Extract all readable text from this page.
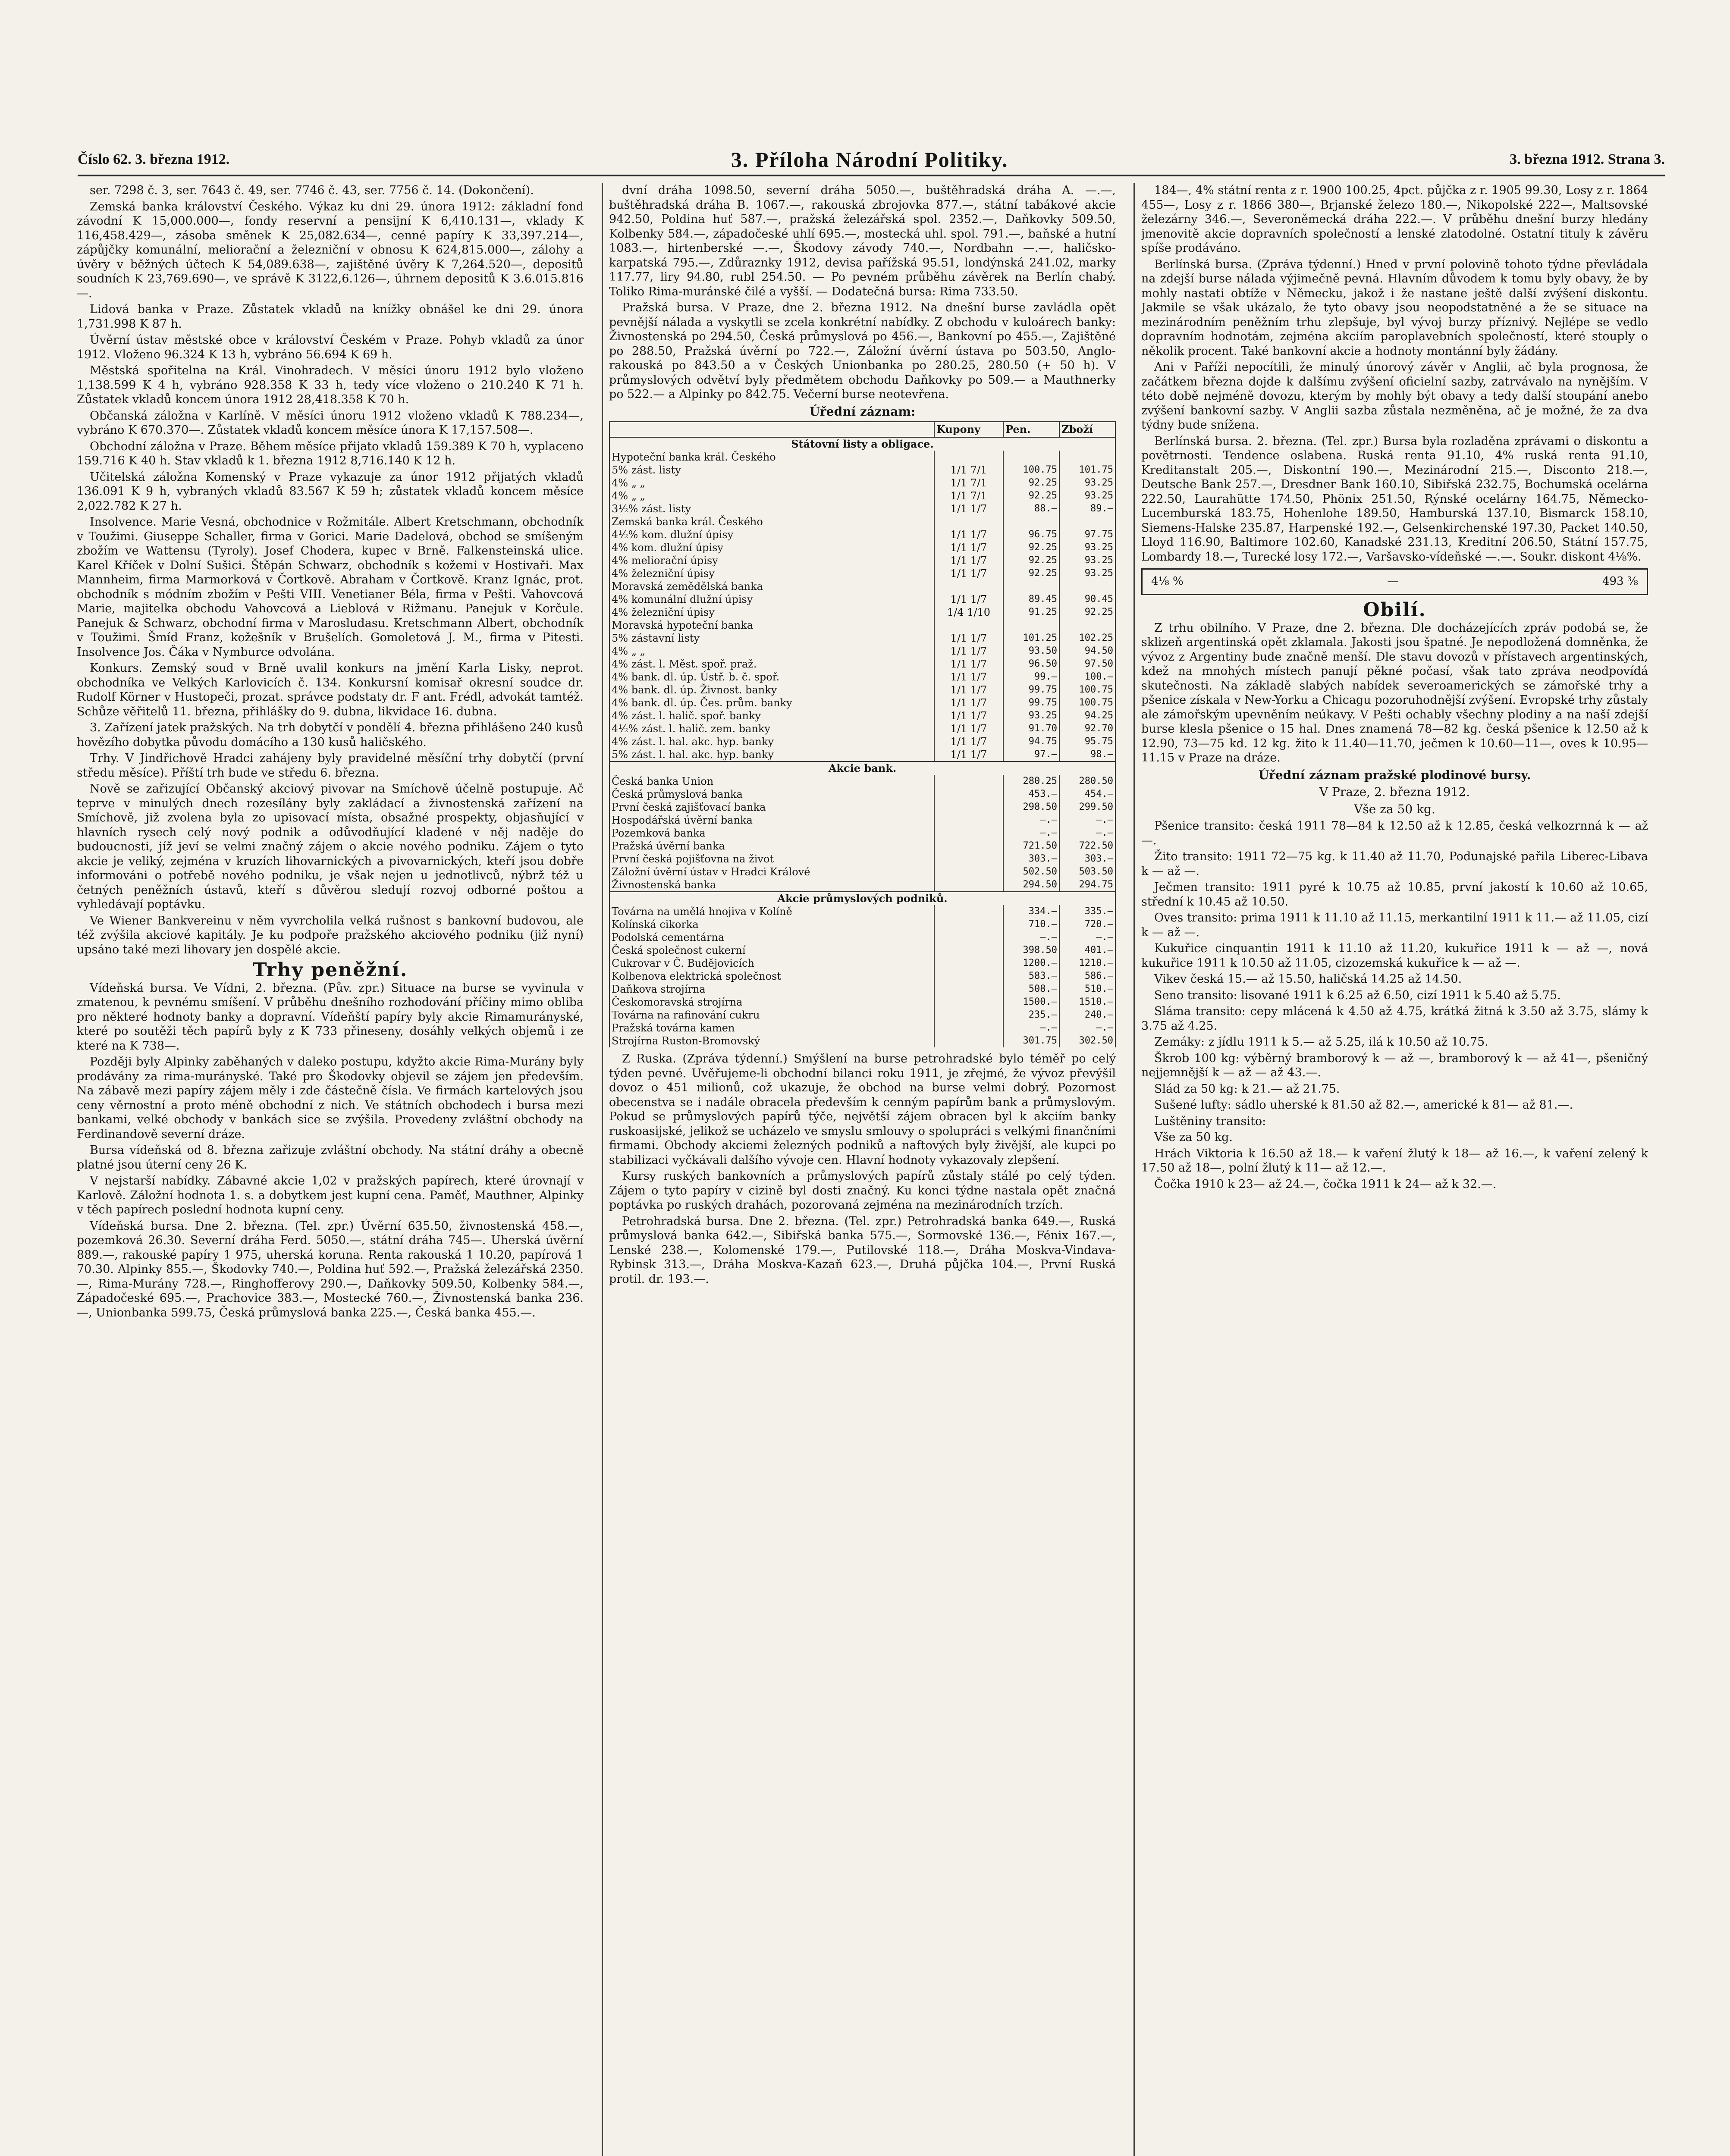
Číslo 62. 3. března 1912.	3. Příloha Národní Politiky.	3. března 1912. Strana 3.

ser. 7298 č. 3, ser. 7643 č. 49, ser. 7746 č. 43, ser. 7756 č. 14. (Dokončení).

Zemská banka království Českého. Výkaz ku dni 29. února 1912: základní fond závodní K 15,000.000—, fondy reservní a pensijní K 6,410.131—, vklady K 116,458.429—, zásoba směnek K 25,082.634—, cenné papíry K 33,397.214—, zápůjčky komunální, meliorační a železniční v obnosu K 624,815.000—, zálohy a úvěry v běžných účtech K 54,089.638—, zajištěné úvěry K 7,264.520—, depositů soudních K 23,769.690—, ve správě K 3122,6.126—, úhrnem depositů K 3.6.015.816—.

Lidová banka v Praze. Zůstatek vkladů na knížky obnášel ke dni 29. února 1,731.998 K 87 h.

Úvěrní ústav městské obce v království Českém v Praze. Pohyb vkladů za únor 1912. Vloženo 96.324 K 13 h, vybráno 56.694 K 69 h.

Městská spořitelna na Král. Vinohradech. V měsíci únoru 1912 bylo vloženo 1,138.599 K 4 h, vybráno 928.358 K 33 h, tedy více vloženo o 210.240 K 71 h. Zůstatek vkladů koncem února 1912 28,418.358 K 70 h.

Občanská záložna v Karlíně. V měsíci únoru 1912 vloženo vkladů K 788.234—, vybráno K 670.370—. Zůstatek vkladů koncem měsíce února K 17,157.508—.

Obchodní záložna v Praze. Během měsíce přijato vkladů 159.389 K 70 h, vyplaceno 159.716 K 40 h. Stav vkladů k 1. března 1912 8,716.140 K 12 h.

Učitelská záložna Komenský v Praze vykazuje za únor 1912 přijatých vkladů 136.091 K 9 h, vybraných vkladů 83.567 K 59 h; zůstatek vkladů koncem měsíce 2,022.782 K 27 h.

Insolvence. Marie Vesná, obchodnice v Rožmitále. Albert Kretschmann, obchodník v Toužimi. Giuseppe Schaller, firma v Gorici. Marie Dadelová, obchod se smíšeným zbožím ve Wattensu (Tyroly). Josef Chodera, kupec v Brně. Falkensteinská ulice. Karel Kříček v Dolní Sušici. Štěpán Schwarz, obchodník s kožemi v Hostivaři. Max Mannheim, firma Marmorková v Čortkově. Abraham v Čortkově. Kranz Ignác, prot. obchodník s módním zbožím v Pešti VIII. Venetianer Béla, firma v Pešti. Vahovcová Marie, majitelka obchodu Vahovcová a Lieblová v Rižmanu. Panejuk v Korčule. Panejuk & Schwarz, obchodní firma v Marosludasu. Kretschmann Albert, obchodník v Toužimi. Šmíd Franz, kožešník v Brušelích. Gomoletová J. M., firma v Pitesti. Insolvence Jos. Čáka v Nymburce odvolána.

Konkurs. Zemský soud v Brně uvalil konkurs na jmění Karla Lisky, neprot. obchodníka ve Velkých Karlovicích č. 134. Konkursní komisař okresní soudce dr. Rudolf Körner v Hustopeči, prozat. správce podstaty dr. F ant. Frédl, advokát tamtéž. Schůze věřitelů 11. března, přihlášky do 9. dubna, likvidace 16. dubna.

3. Zařízení jatek pražských. Na trh dobytčí v pondělí 4. března přihlášeno 240 kusů hovězího dobytka původu domácího a 130 kusů haličského.

Trhy. V Jindřichově Hradci zahájeny byly pravidelné měsíční trhy dobytčí (první středu měsíce). Příští trh bude ve středu 6. března.

Nově se zařizující Občanský akciový pivovar na Smíchově účelně postupuje. Ač teprve v minulých dnech rozesílány byly zakládací a živnostenská zařízení na Smíchově, již zvolena byla zo upisovací místa, obsažné prospekty, objasňující v hlavních rysech celý nový podnik a odůvodňující kladené v něj naděje do budoucnosti, jíž jeví se velmi značný zájem o akcie nového podniku. Zájem o tyto akcie je veliký, zejména v kruzích lihovarnických a pivovarnických, kteří jsou dobře informováni o potřebě nového podniku, je však nejen u jednotlivců, nýbrž též u četných peněžních ústavů, kteří s důvěrou sledují rozvoj odborné poštou a vyhledávají poptávku.

Ve Wiener Bankvereinu v něm vyvrcholila velká rušnost s bankovní budovou, ale též zvýšila akciové kapitály. Je ku podpoře pražského akciového podniku (již nyní) upsáno také mezi lihovary jen dospělé akcie.

Trhy peněžní.

Vídeňská bursa. Ve Vídni, 2. března. (Pův. zpr.) Situace na burse se vyvinula v zmatenou, k pevnému smíšení. V průběhu dnešního rozhodování příčiny mimo obliba pro některé hodnoty banky a dopravní. Vídeňští papíry byly akcie Rimamurányské, které po soutěži těch papírů byly z K 733 přineseny, dosáhly velkých objemů i ze které na K 738—.

Později byly Alpinky zaběhaných v daleko postupu, kdyžto akcie Rima-Murány byly prodávány za rima-murányské. Také pro Škodovky objevil se zájem jen především. Na zábavě mezi papíry zájem měly i zde částečně čísla. Ve firmách kartelových jsou ceny věrnostní a proto méně obchodní z nich. Ve státních obchodech i bursa mezi bankami, velké obchody v bankách sice se zvýšila. Provedeny zvláštní obchody na Ferdinandově severní dráze.

Bursa vídeňská od 8. března zařizuje zvláštní obchody. Na státní dráhy a obecně platné jsou úterní ceny 26 K.

V nejstarší nabídky. Zábavné akcie 1,02 v pražských papírech, které úrovnají v Karlově. Záložní hodnota 1. s. a dobytkem jest kupní cena. Paměť, Mauthner, Alpinky v těch papírech poslední hodnota kupní ceny.

Vídeňská bursa. Dne 2. března. (Tel. zpr.) Úvěrní 635.50, živnostenská 458.—, pozemková 26.30. Severní dráha Ferd. 5050.—, státní dráha 745—. Uherská úvěrní 889.—, rakouské papíry 1 975, uherská koruna. Renta rakouská 1 10.20, papírová 1 70.30. Alpinky 855.—, Škodovky 740.—, Poldina huť 592.—, Pražská železářská 2350.—, Rima-Murány 728.—, Ringhofferovy 290.—, Daňkovky 509.50, Kolbenky 584.—, Západočeské 695.—, Prachovice 383.—, Mostecké 760.—, Živnostenská banka 236.—, Unionbanka 599.75, Česká průmyslová banka 225.—, Česká banka 455.—.

dvní dráha 1098.50, severní dráha 5050.—, buštěhradská dráha A. —.—, buštěhradská dráha B. 1067.—, rakouská zbrojovka 877.—, státní tabákové akcie 942.50, Poldina huť 587.—, pražská železářská spol. 2352.—, Daňkovky 509.50, Kolbenky 584.—, západočeské uhlí 695.—, mostecká uhl. spol. 791.—, baňské a hutní 1083.—, hirtenberské —.—, Škodovy závody 740.—, Nordbahn —.—, haličsko-karpatská 795.—, Zdůraznky 1912, devisa pařížská 95.51, londýnská 241.02, marky 117.77, liry 94.80, rubl 254.50. — Po pevném průběhu závěrek na Berlín chabý. Toliko Rima-muránské čilé a vyšší. — Dodatečná bursa: Rima 733.50.

Pražská bursa. V Praze, dne 2. března 1912. Na dnešní burse zavládla opět pevnější nálada a vyskytli se zcela konkrétní nabídky. Z obchodu v kuloárech banky: Živnostenská po 294.50, Česká průmyslová po 456.—, Bankovní po 455.—, Zajištěné po 288.50, Pražská úvěrní po 722.—, Záložní úvěrní ústava po 503.50, Anglo-rakouská po 843.50 a v Českých Unionbanka po 280.25, 280.50 (+ 50 h). V průmyslových odvětví byly předmětem obchodu Daňkovky po 509.— a Mauthnerky po 522.— a Alpinky po 842.75. Večerní burse neotevřena.

Úřední záznam:
	Kupony	Pen.	Zboží
Státovní listy a obligace.			
Hypoteční banka král. Českého			
5% zást. listy	1/1 7/1	100.75	101.75
4% „ „	1/1 7/1	92.25	93.25
4% „ „	1/1 7/1	92.25	93.25
3½% zást. listy	1/1 1/7	88.—	89.—
Zemská banka král. Českého			
4½% kom. dlužní úpisy	1/1 1/7	96.75	97.75
4% kom. dlužní úpisy	1/1 1/7	92.25	93.25
4% meliorační úpisy	1/1 1/7	92.25	93.25
4% železniční úpisy	1/1 1/7	92.25	93.25
Moravská zemědělská banka			
4% komunální dlužní úpisy	1/1 1/7	89.45	90.45
4% železniční úpisy	1/4 1/10	91.25	92.25
Moravská hypoteční banka			
5% zástavní listy	1/1 1/7	101.25	102.25
4% „ „	1/1 1/7	93.50	94.50
4% zást. l. Měst. spoř. praž.	1/1 1/7	96.50	97.50
4% bank. dl. úp. Ústř. b. č. spoř.	1/1 1/7	99.—	100.—
4% bank. dl. úp. Živnost. banky	1/1 1/7	99.75	100.75
4% bank. dl. úp. Čes. prům. banky	1/1 1/7	99.75	100.75
4% zást. l. halič. spoř. banky	1/1 1/7	93.25	94.25
4½% zást. l. halič. zem. banky	1/1 1/7	91.70	92.70
4% zást. l. hal. akc. hyp. banky	1/1 1/7	94.75	95.75
5% zást. l. hal. akc. hyp. banky	1/1 1/7	97.—	98.—
Akcie bank.			
Česká banka Union		280.25	280.50
Česká průmyslová banka		453.—	454.—
První česká zajišťovací banka		298.50	299.50
Hospodářská úvěrní banka		—.—	—.—
Pozemková banka		—.—	—.—
Pražská úvěrní banka		721.50	722.50
První česká pojišťovna na život		303.—	303.—
Záložní úvěrní ústav v Hradci Králové		502.50	503.50
Živnostenská banka		294.50	294.75
Akcie průmyslových podniků.			
Továrna na umělá hnojiva v Kolíně		334.—	335.—
Kolínská cikorka		710.—	720.—
Podolská cementárna		—.—	—.—
Česká společnost cukerní		398.50	401.—
Cukrovar v Č. Budějovicích		1200.—	1210.—
Kolbenova elektrická společnost		583.—	586.—
Daňkova strojírna		508.—	510.—
Českomoravská strojírna		1500.—	1510.—
Továrna na rafinování cukru		235.—	240.—
Pražská továrna kamen		—.—	—.—
Strojírna Ruston-Bromovský		301.75	302.50

Z Ruska. (Zpráva týdenní.) Smýšlení na burse petrohradské bylo téměř po celý týden pevné. Uvěřujeme-li obchodní bilanci roku 1911, je zřejmé, že vývoz převýšil dovoz o 451 milionů, což ukazuje, že obchod na burse velmi dobrý. Pozornost obecenstva se i nadále obracela především k cenným papírům bank a průmyslovým. Pokud se průmyslových papírů týče, největší zájem obracen byl k akciím banky ruskoasijské, jelikož se ucházelo ve smyslu smlouvy o spolupráci s velkými finančními firmami. Obchody akciemi železných podniků a naftových byly živější, ale kupci po stabilizaci vyčkávali dalšího vývoje cen. Hlavní hodnoty vykazovaly zlepšení.

Kursy ruských bankovních a průmyslových papírů zůstaly stálé po celý týden. Zájem o tyto papíry v cizině byl dosti značný. Ku konci týdne nastala opět značná poptávka po ruských drahách, pozorovaná zejména na mezinárodních trzích.

Petrohradská bursa. Dne 2. března. (Tel. zpr.) Petrohradská banka 649.—, Ruská průmyslová banka 642.—, Sibiřská banka 575.—, Sormovské 136.—, Fénix 167.—, Lenské 238.—, Kolomenské 179.—, Putilovské 118.—, Dráha Moskva-Vindava-Rybinsk 313.—, Dráha Moskva-Kazaň 623.—, Druhá půjčka 104.—, První Ruská protil. dr. 193.—.

184—, 4% státní renta z r. 1900 100.25, 4pct. půjčka z r. 1905 99.30, Losy z r. 1864 455—, Losy z r. 1866 380—, Brjanské železo 180.—, Nikopolské 222—, Maltsovské železárny 346.—, Severoněmecká dráha 222.—. V průběhu dnešní burzy hledány jmenovitě akcie dopravních společností a lenské zlatodolné. Ostatní tituly k závěru spíše prodáváno.

Berlínská bursa. (Zpráva týdenní.) Hned v první polovině tohoto týdne převládala na zdejší burse nálada výjimečně pevná. Hlavním důvodem k tomu byly obavy, že by mohly nastati obtíže v Německu, jakož i že nastane ještě další zvýšení diskontu. Jakmile se však ukázalo, že tyto obavy jsou neopodstatněné a že se situace na mezinárodním peněžním trhu zlepšuje, byl vývoj burzy příznivý. Nejlépe se vedlo dopravním hodnotám, zejména akciím paroplavebních společností, které stouply o několik procent. Také bankovní akcie a hodnoty montánní byly žádány.

Ani v Paříži nepocítili, že minulý únorový závěr v Anglii, ač byla prognosa, že začátkem března dojde k dalšímu zvýšení oficielní sazby, zatrvávalo na nynějším. V této době nejméně dovozu, kterým by mohly být obavy a tedy další stoupání anebo zvýšení bankovní sazby. V Anglii sazba zůstala nezměněna, ač je možné, že za dva týdny bude snížena.

Berlínská bursa. 2. března. (Tel. zpr.) Bursa byla rozladěna zprávami o diskontu a povětrnosti. Tendence oslabena. Ruská renta 91.10, 4% ruská renta 91.10, Kreditanstalt 205.—, Diskontní 190.—, Mezinárodní 215.—, Disconto 218.—, Deutsche Bank 257.—, Dresdner Bank 160.10, Sibiřská 232.75, Bochumská ocelárna 222.50, Laurahütte 174.50, Phönix 251.50, Rýnské ocelárny 164.75, Německo-Lucemburská 183.75, Hohenlohe 189.50, Hamburská 137.10, Bismarck 158.10, Siemens-Halske 235.87, Harpenské 192.—, Gelsenkirchenské 197.30, Packet 140.50, Lloyd 116.90, Baltimore 102.60, Kanadské 231.13, Kreditní 206.50, Státní 157.75, Lombardy 18.—, Turecké losy 172.—, Varšavsko-vídeňské —.—. Soukr. diskont 4⅛%.

4⅛ %	—	493 ⅜
Obilí.

Z trhu obilního. V Praze, dne 2. března. Dle docházejících zpráv podobá se, že sklizeň argentinská opět zklamala. Jakosti jsou špatné. Je nepodložená domněnka, že vývoz z Argentiny bude značně menší. Dle stavu dovozů v přístavech argentinských, kdež na mnohých místech panují pěkné počasí, však tato zpráva neodpovídá skutečnosti. Na základě slabých nabídek severoamerických se zámořské trhy a pšenice získala v New-Yorku a Chicagu pozoruhodnější zvýšení. Evropské trhy zůstaly ale zámořským upevněním neúkavy. V Pešti ochably všechny plodiny a na naší zdejší burse klesla pšenice o 15 hal. Dnes znamená 78—82 kg. česká pšenice k 12.50 až k 12.90, 73—75 kd. 12 kg. žito k 11.40—11.70, ječmen k 10.60—11—, oves k 10.95—11.15 v Praze na dráze.

Úřední záznam pražské plodinové bursy.
V Praze, 2. března 1912.
Vše za 50 kg.

Pšenice transito: česká 1911 78—84 k 12.50 až k 12.85, česká velkozrnná k — až —.

Žito transito: 1911 72—75 kg. k 11.40 až 11.70, Podunajské pařila Liberec-Libava k — až —.

Ječmen transito: 1911 pyré k 10.75 až 10.85, první jakostí k 10.60 až 10.65, střední k 10.45 až 10.50.

Oves transito: prima 1911 k 11.10 až 11.15, merkantilní 1911 k 11.— až 11.05, cizí k — až —.

Kukuřice cinquantin 1911 k 11.10 až 11.20, kukuřice 1911 k — až —, nová kukuřice 1911 k 10.50 až 11.05, cizozemská kukuřice k — až —.

Vikev česká 15.— až 15.50, haličská 14.25 až 14.50.

Seno transito: lisované 1911 k 6.25 až 6.50, cizí 1911 k 5.40 až 5.75.

Sláma transito: cepy mlácená k 4.50 až 4.75, krátká žitná k 3.50 až 3.75, slámy k 3.75 až 4.25.

Zemáky: z jídlu 1911 k 5.— až 5.25, ilá k 10.50 až 10.75.

Škrob 100 kg: výběrný bramborový k — až —, bramborový k — až 41—, pšeničný nejjemnější k — až — až 43.—.

Slád za 50 kg: k 21.— až 21.75.

Sušené lufty: sádlo uherské k 81.50 až 82.—, americké k 81— až 81.—.

Luštěniny transito:

Vše za 50 kg.

Hrách Viktoria k 16.50 až 18.— k vaření žlutý k 18— až 16.—, k vaření zelený k 17.50 až 18—, polní žlutý k 11— až 12.—.

Čočka 1910 k 23— až 24.—, čočka 1911 k 24— až k 32.—.
